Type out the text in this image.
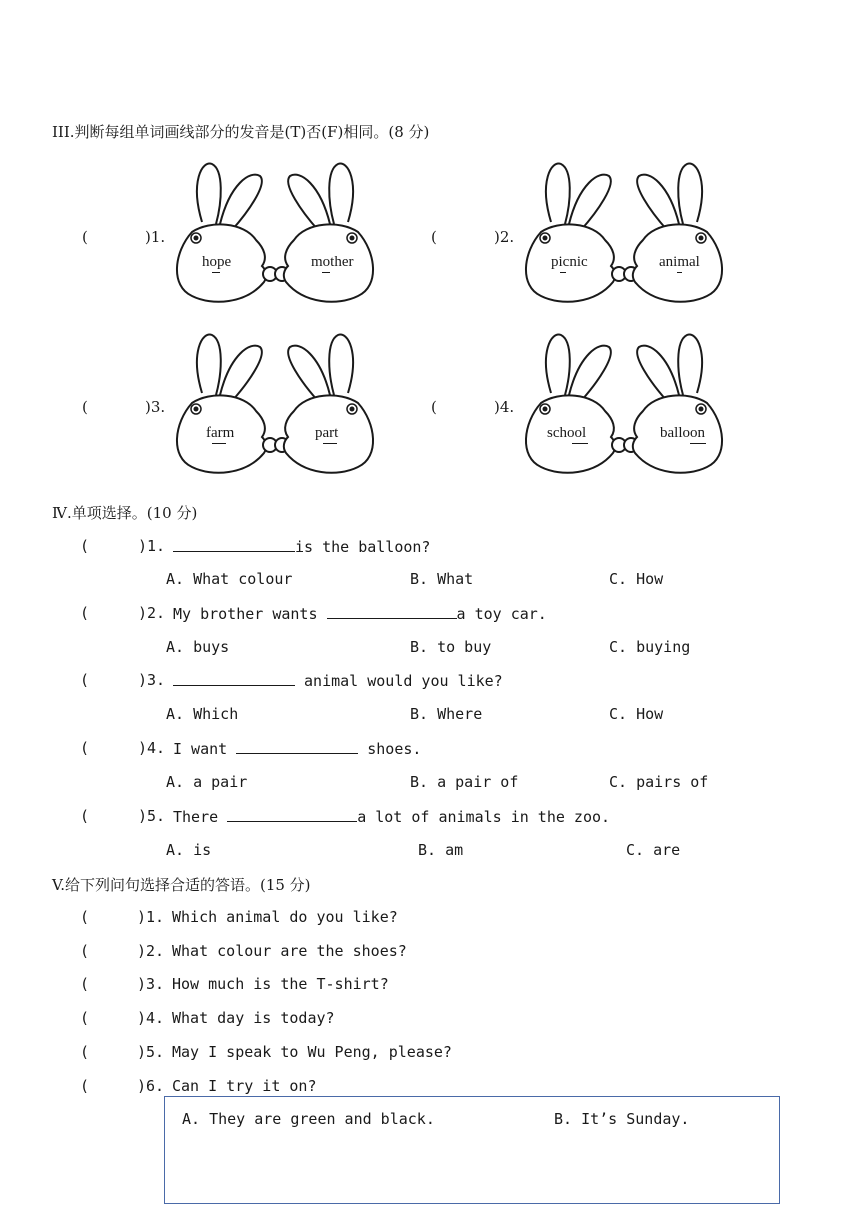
III.判断每组单词画线部分的发音是(T)否(F)相同。(8 分)
(	)1.	(	)2.
(	)3.	(	)4.
hope	mother	picnic	animal
farm	part	school	balloon
Ⅳ.单项选择。(10 分)
(	)1.	is the balloon?
A. What colour	B. What	C. How
(	)2. My brother wants	a toy car.
A. buys	B. to buy	C. buying
(	)3.	animal would you like?
A. Which	B. Where	C. How
(	)4. I want	shoes.
A. a pair	B. a pair of	C. pairs of
(	)5. There	a lot of animals in the zoo.
A. is	B. am	C. are
V.给下列问句选择合适的答语。(15 分)
(	)1. Which animal do you like?
(	)2. What colour are the shoes?
(	)3. How much is the T-shirt?
(	)4. What day is today?
(	)5. May I speak to Wu Peng, please?
(	)6. Can I try it on?
A. They are green and black.	B. It’s Sunday.
